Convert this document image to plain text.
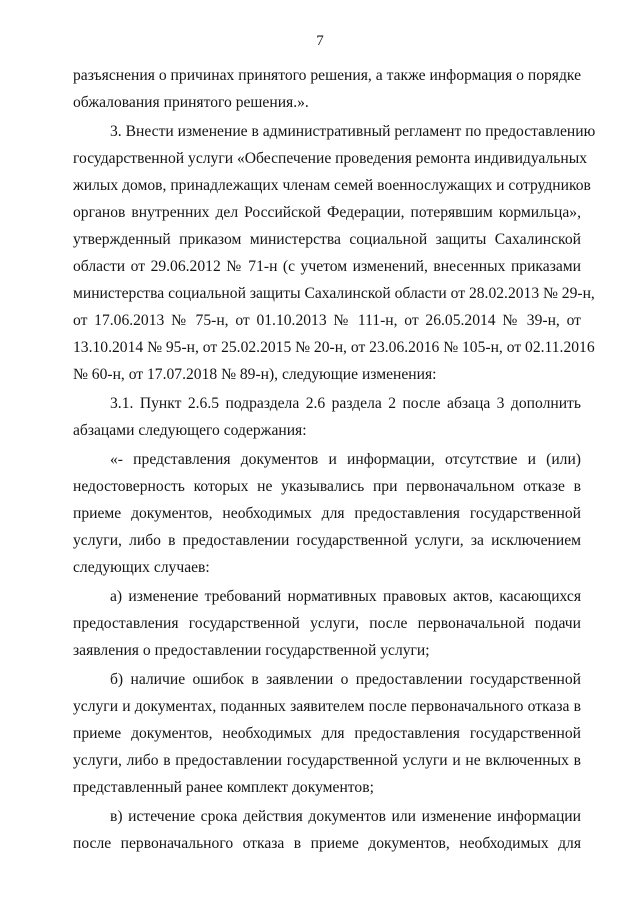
7
разъяснения о причинах принятого решения, а также информация о порядке
обжалования принятого решения.».
3. Внести изменение в административный регламент по предоставлению
государственной услуги «Обеспечение проведения ремонта индивидуальных
жилых домов, принадлежащих членам семей военнослужащих и сотрудников
органов внутренних дел Российской Федерации, потерявшим кормильца»,
утвержденный приказом министерства социальной защиты Сахалинской
области от 29.06.2012 № 71-н (с учетом изменений, внесенных приказами
министерства социальной защиты Сахалинской области от 28.02.2013 № 29-н,
от 17.06.2013 № 75-н, от 01.10.2013 № 111-н, от 26.05.2014 № 39-н, от
13.10.2014 № 95-н, от 25.02.2015 № 20-н, от 23.06.2016 № 105-н, от 02.11.2016
№ 60-н, от 17.07.2018 № 89-н), следующие изменения:
3.1. Пункт 2.6.5 подраздела 2.6 раздела 2 после абзаца 3 дополнить
абзацами следующего содержания:
«- представления документов и информации, отсутствие и (или)
недостоверность которых не указывались при первоначальном отказе в
приеме документов, необходимых для предоставления государственной
услуги, либо в предоставлении государственной услуги, за исключением
следующих случаев:
а) изменение требований нормативных правовых актов, касающихся
предоставления государственной услуги, после первоначальной подачи
заявления о предоставлении государственной услуги;
б) наличие ошибок в заявлении о предоставлении государственной
услуги и документах, поданных заявителем после первоначального отказа в
приеме документов, необходимых для предоставления государственной
услуги, либо в предоставлении государственной услуги и не включенных в
представленный ранее комплект документов;
в) истечение срока действия документов или изменение информации
после первоначального отказа в приеме документов, необходимых для
